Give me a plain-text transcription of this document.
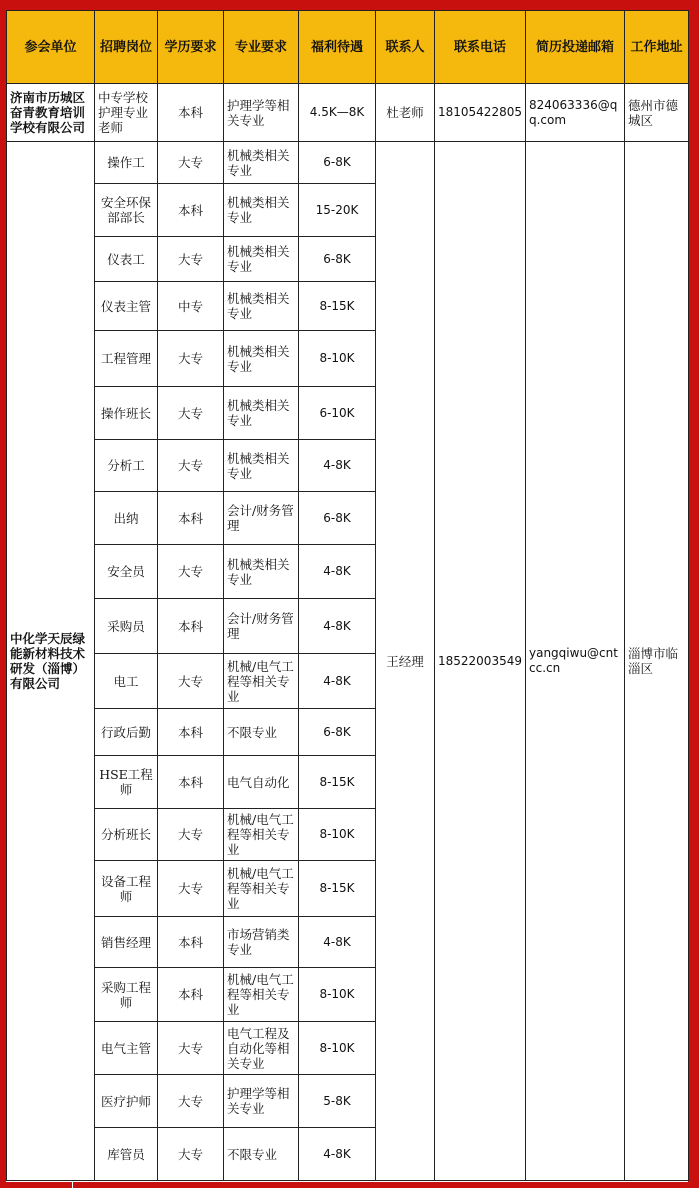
参会单位	招聘岗位	学历要求	专业要求	福利待遇	联系人	联系电话	简历投递邮箱	工作地址
济南市历城区奋青教育培训学校有限公司	中专学校护理专业老师	本科	护理学等相关专业	4.5K—8K	杜老师	18105422805	824063336@qq.com	德州市德城区
中化学天辰绿能新材料技术研发（淄博）有限公司	操作工	大专	机械类相关专业	6-8K	王经理	18522003549	yangqiwu@cntcc.cn	淄博市临淄区
	安全环保部部长	本科	机械类相关专业	15-20K				
	仪表工	大专	机械类相关专业	6-8K				
	仪表主管	中专	机械类相关专业	8-15K				
	工程管理	大专	机械类相关专业	8-10K				
	操作班长	大专	机械类相关专业	6-10K				
	分析工	大专	机械类相关专业	4-8K				
	出纳	本科	会计/财务管理	6-8K				
	安全员	大专	机械类相关专业	4-8K				
	采购员	本科	会计/财务管理	4-8K				
	电工	大专	机械/电气工程等相关专业	4-8K				
	行政后勤	本科	不限专业	6-8K				
	HSE工程师	本科	电气自动化	8-15K				
	分析班长	大专	机械/电气工程等相关专业	8-10K				
	设备工程师	大专	机械/电气工程等相关专业	8-15K				
	销售经理	本科	市场营销类专业	4-8K				
	采购工程师	本科	机械/电气工程等相关专业	8-10K				
	电气主管	大专	电气工程及自动化等相关专业	8-10K				
	医疗护师	大专	护理学等相关专业	5-8K				
	库管员	大专	不限专业	4-8K				
